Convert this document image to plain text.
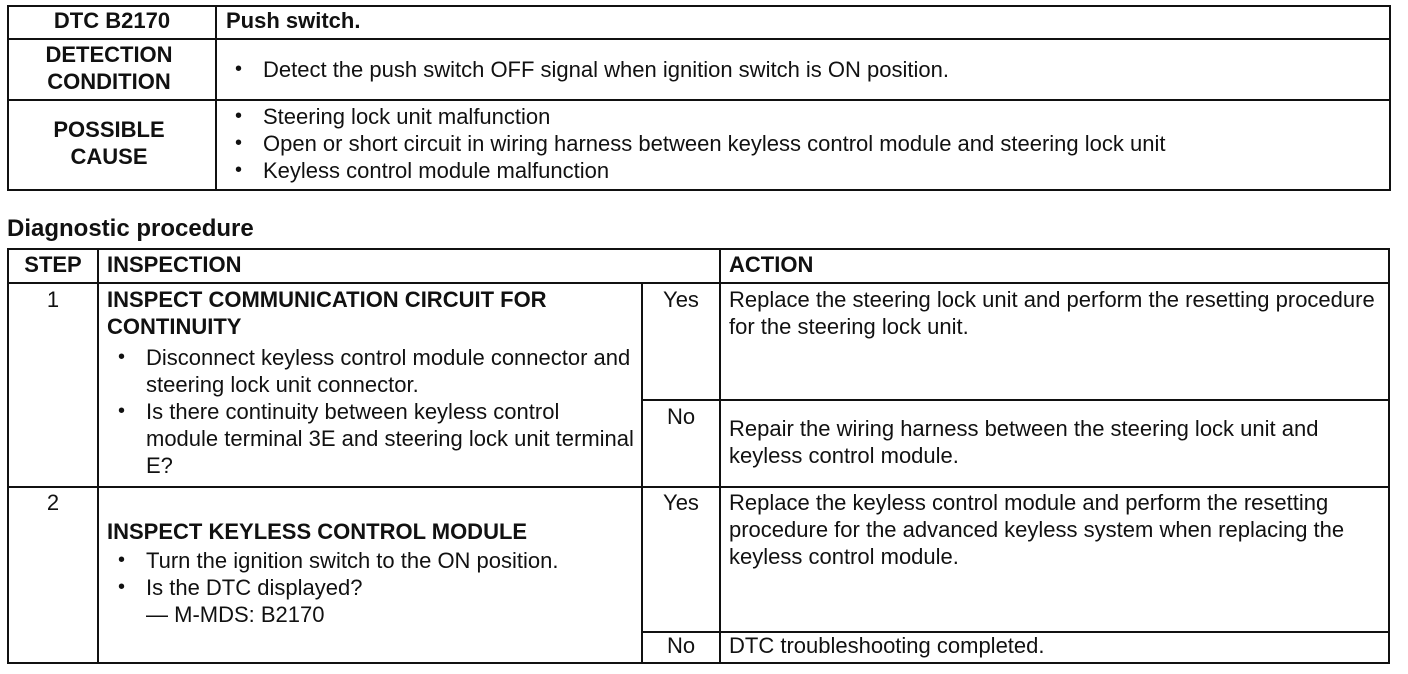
DTC B2170	Push switch.
DETECTION CONDITION
•	Detect the push switch OFF signal when ignition switch is ON position.
POSSIBLE CAUSE
• Steering lock unit malfunction
• Open or short circuit in wiring harness between keyless control module and steering lock unit
• Keyless control module malfunction
Diagnostic procedure
STEP	INSPECTION	ACTION
1	INSPECT COMMUNICATION CIRCUIT FOR CONTINUITY
• Disconnect keyless control module connector and steering lock unit connector.
• Is there continuity between keyless control module terminal 3E and steering lock unit terminal E?
Yes	Replace the steering lock unit and perform the resetting procedure for the steering lock unit.
No	Repair the wiring harness between the steering lock unit and keyless control module.
2
INSPECT KEYLESS CONTROL MODULE
• Turn the ignition switch to the ON position.
• Is the DTC displayed?
— M-MDS: B2170
Yes	Replace the keyless control module and perform the resetting procedure for the advanced keyless system when replacing the keyless control module.
No	DTC troubleshooting completed.
